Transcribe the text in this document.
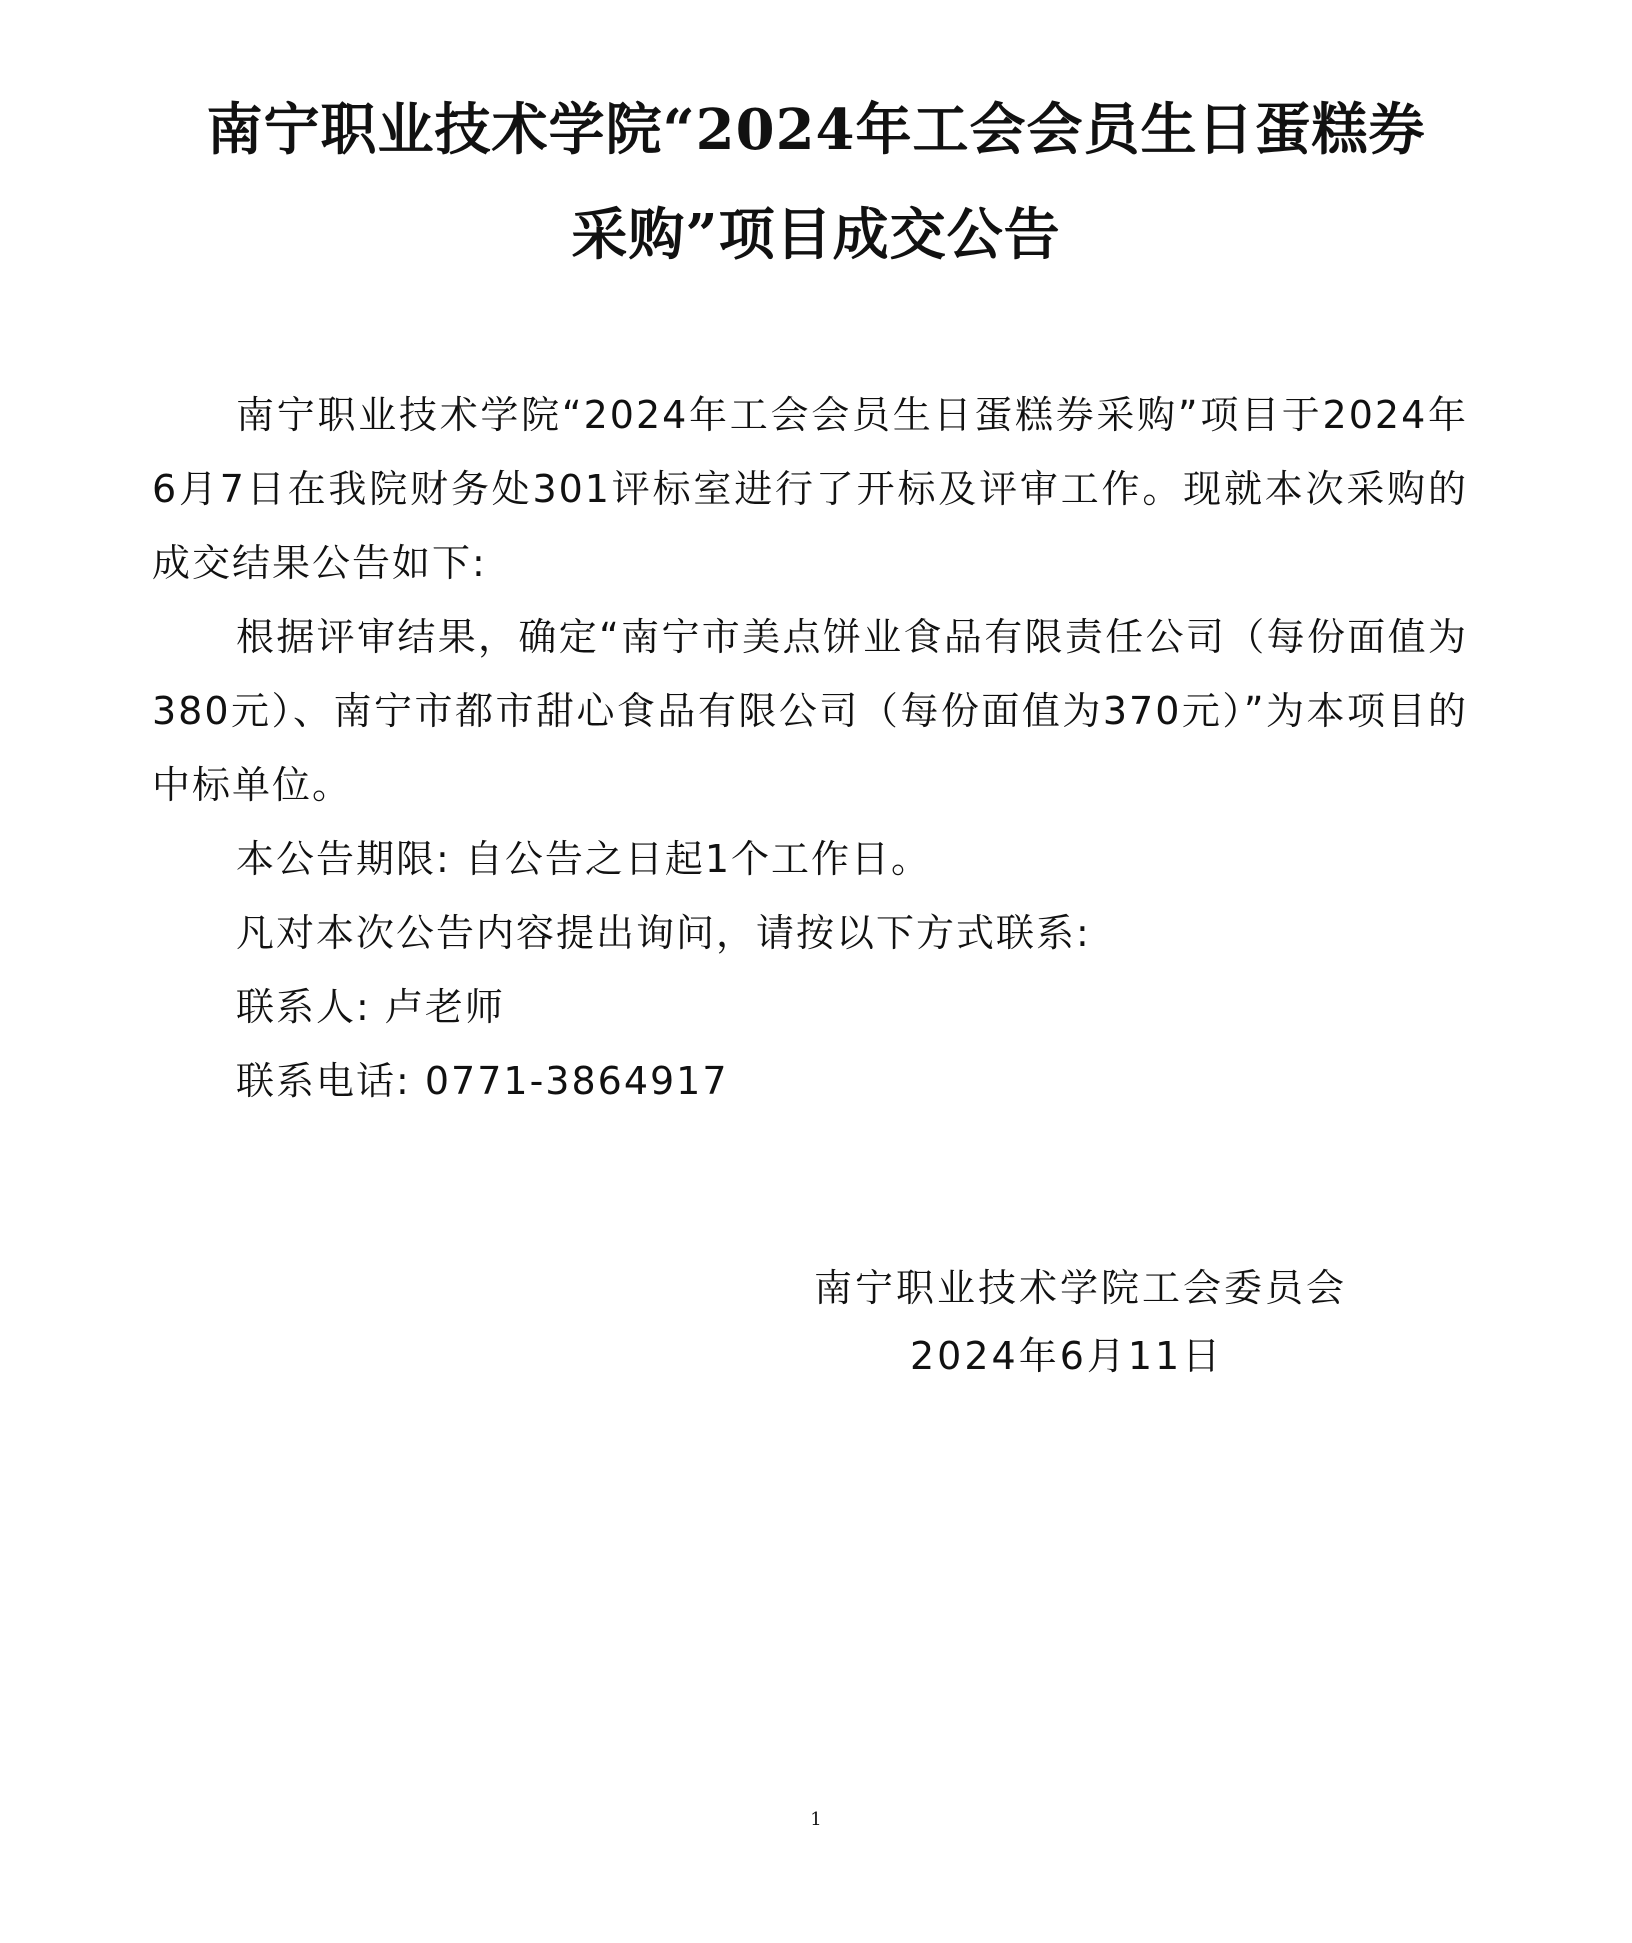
南宁职业技术学院“2024年工会会员生日蛋糕券
采购”项目成交公告

南宁职业技术学院“2024年工会会员生日蛋糕券采购”项目于2024年6月7日在我院财务处301评标室进行了开标及评审工作。现就本次采购的成交结果公告如下:

根据评审结果，确定“南宁市美点饼业食品有限责任公司（每份面值为380元）、南宁市都市甜心食品有限公司（每份面值为370元）”为本项目的中标单位。

本公告期限: 自公告之日起1个工作日。

凡对本次公告内容提出询问，请按以下方式联系:

联系人: 卢老师

联系电话: 0771-3864917

南宁职业技术学院工会委员会
2024年6月11日
1
